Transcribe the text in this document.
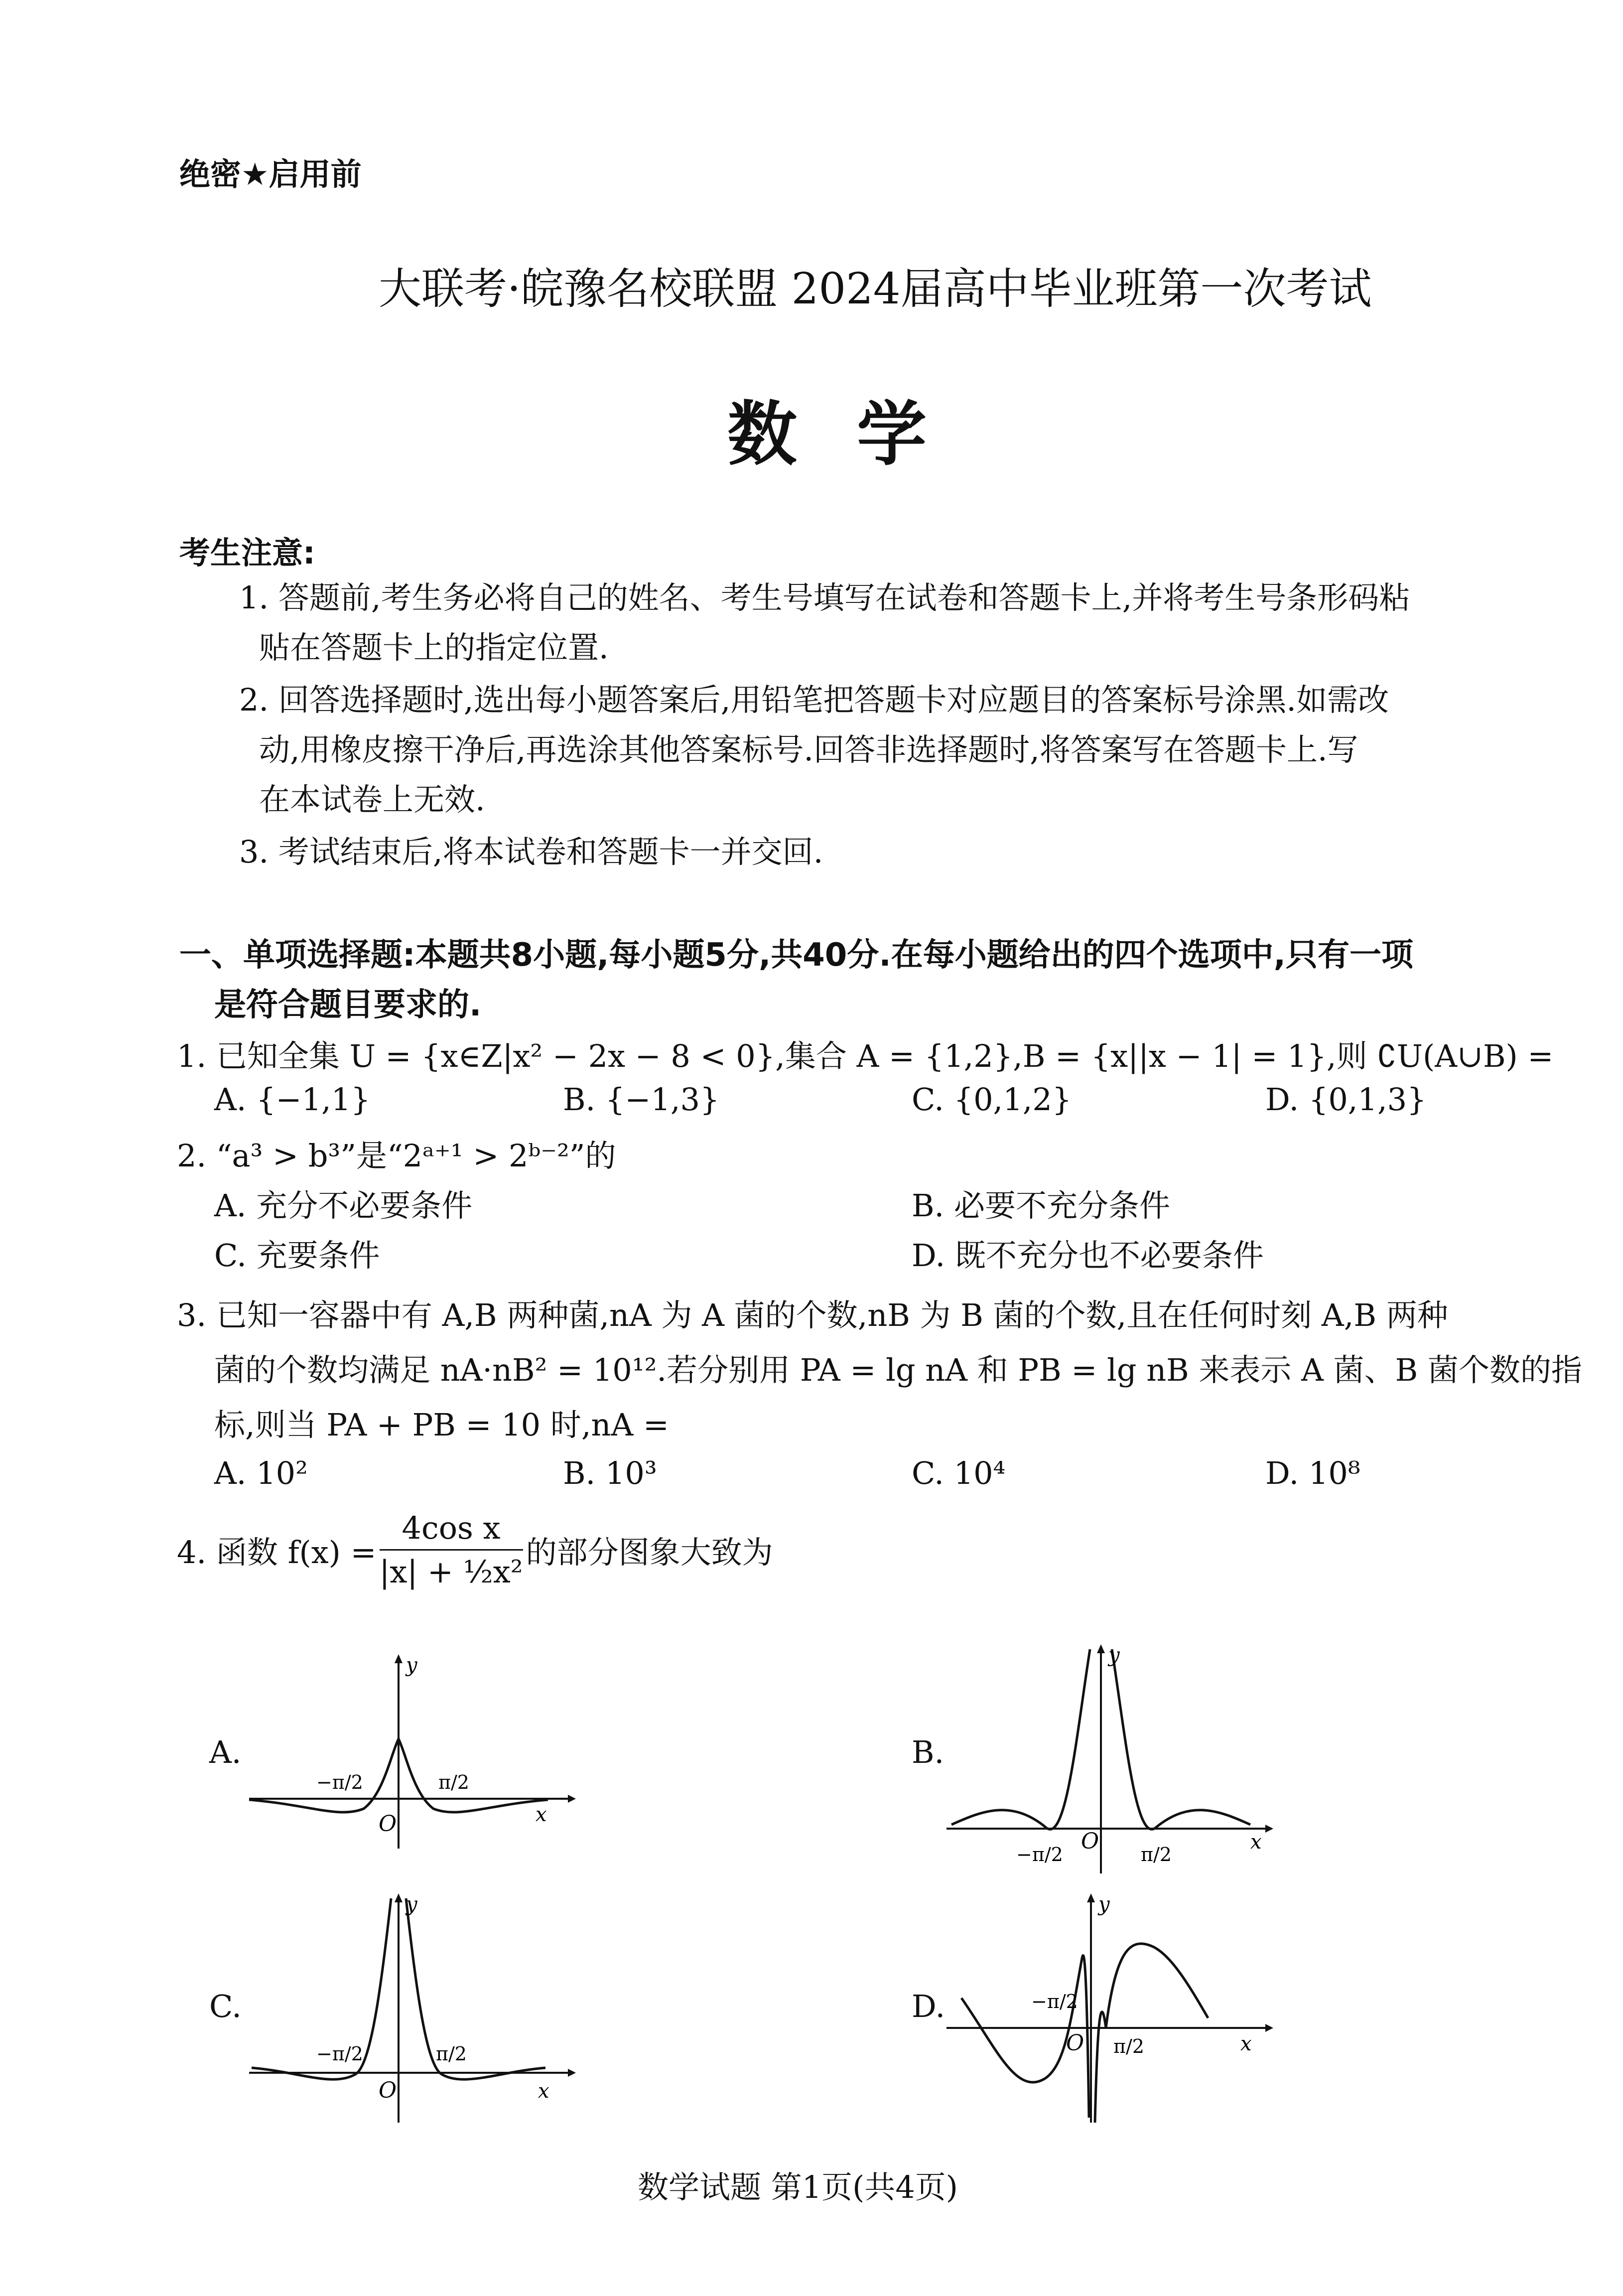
绝密★启用前
大联考·皖豫名校联盟 2024届高中毕业班第一次考试
数学
考生注意:
1. 答题前,考生务必将自己的姓名、考生号填写在试卷和答题卡上,并将考生号条形码粘
贴在答题卡上的指定位置.
2. 回答选择题时,选出每小题答案后,用铅笔把答题卡对应题目的答案标号涂黑.如需改
动,用橡皮擦干净后,再选涂其他答案标号.回答非选择题时,将答案写在答题卡上.写
在本试卷上无效.
3. 考试结束后,将本试卷和答题卡一并交回.
一、单项选择题:本题共8小题,每小题5分,共40分.在每小题给出的四个选项中,只有一项
是符合题目要求的.
1. 已知全集 U = {x∈Z|x² − 2x − 8 < 0},集合 A = {1,2},B = {x||x − 1| = 1},则 ∁U(A∪B) =
A. {−1,1}	B. {−1,3}	C. {0,1,2}	D. {0,1,3}
2. “a³ > b³”是“2ᵃ⁺¹ > 2ᵇ⁻²”的
A. 充分不必要条件	B. 必要不充分条件
C. 充要条件	D. 既不充分也不必要条件
3. 已知一容器中有 A,B 两种菌,nA 为 A 菌的个数,nB 为 B 菌的个数,且在任何时刻 A,B 两种
菌的个数均满足 nA·nB² = 10¹².若分别用 PA = lg nA 和 PB = lg nB 来表示 A 菌、B 菌个数的指
标,则当 PA + PB = 10 时,nA =
A. 10²	B. 10³	C. 10⁴	D. 10⁸
4. 函数 $f(x) = \frac{\text{4cos x}}{\text{|x| + ½x²}}$ 的部分图象大致为
A.
y
x
O
−π/2	π/2
B.
y
x
O
−π/2	π/2
C.
y
x
O
−π/2	π/2
D.
y
x
O
−π/2
π/2
数学试题 第1页(共4页)
